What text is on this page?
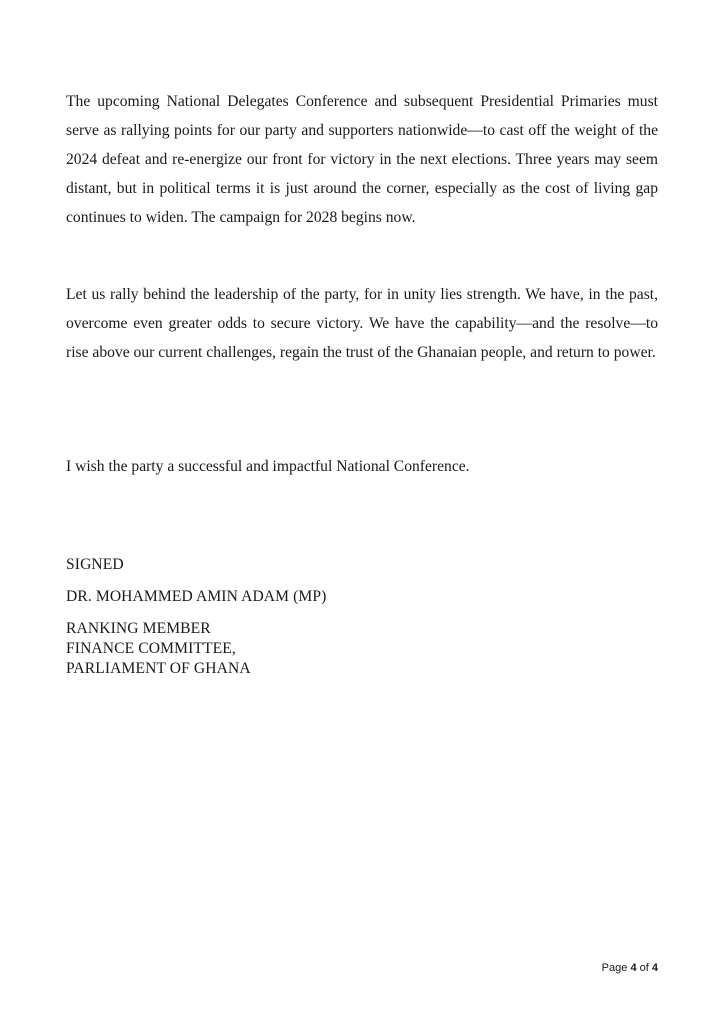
The upcoming National Delegates Conference and subsequent Presidential Primaries must serve as rallying points for our party and supporters nationwide—to cast off the weight of the 2024 defeat and re-energize our front for victory in the next elections. Three years may seem distant, but in political terms it is just around the corner, especially as the cost of living gap continues to widen. The campaign for 2028 begins now.

Let us rally behind the leadership of the party, for in unity lies strength. We have, in the past, overcome even greater odds to secure victory. We have the capability—and the resolve—to rise above our current challenges, regain the trust of the Ghanaian people, and return to power.

I wish the party a successful and impactful National Conference.

SIGNED

DR. MOHAMMED AMIN ADAM (MP)

RANKING MEMBER
FINANCE COMMITTEE,
PARLIAMENT OF GHANA
Page 4 of 4
